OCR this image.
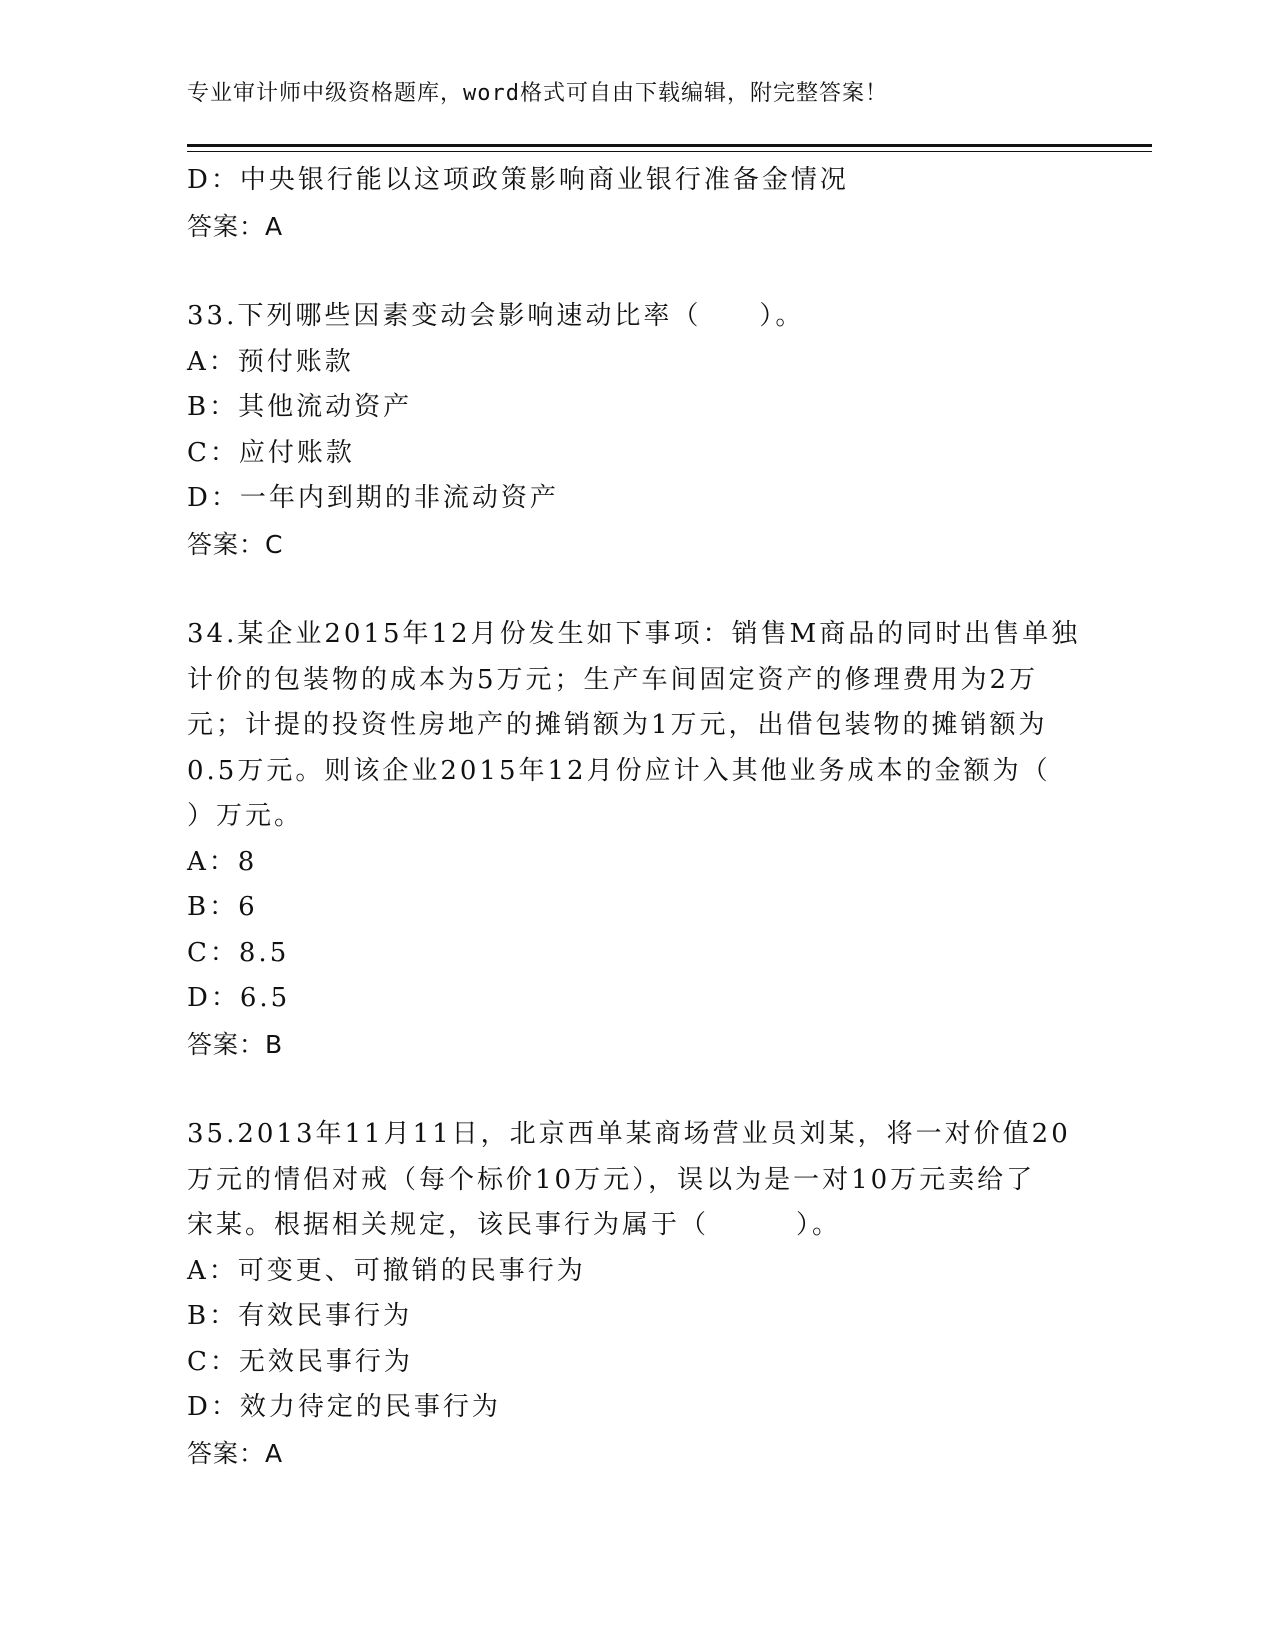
专业审计师中级资格题库，word格式可自由下载编辑，附完整答案！
D：中央银行能以这项政策影响商业银行准备金情况
答案：A
33.下列哪些因素变动会影响速动比率（　　）。
A：预付账款
B：其他流动资产
C：应付账款
D：一年内到期的非流动资产
答案：C
34.某企业2015年12月份发生如下事项：销售M商品的同时出售单独
计价的包装物的成本为5万元；生产车间固定资产的修理费用为2万
元；计提的投资性房地产的摊销额为1万元，出借包装物的摊销额为
0.5万元。则该企业2015年12月份应计入其他业务成本的金额为（
）万元。
A：8
B：6
C：8.5
D：6.5
答案：B
35.2013年11月11日，北京西单某商场营业员刘某，将一对价值20
万元的情侣对戒（每个标价10万元），误以为是一对10万元卖给了
宋某。根据相关规定，该民事行为属于（　　　）。
A：可变更、可撤销的民事行为
B：有效民事行为
C：无效民事行为
D：效力待定的民事行为
答案：A
